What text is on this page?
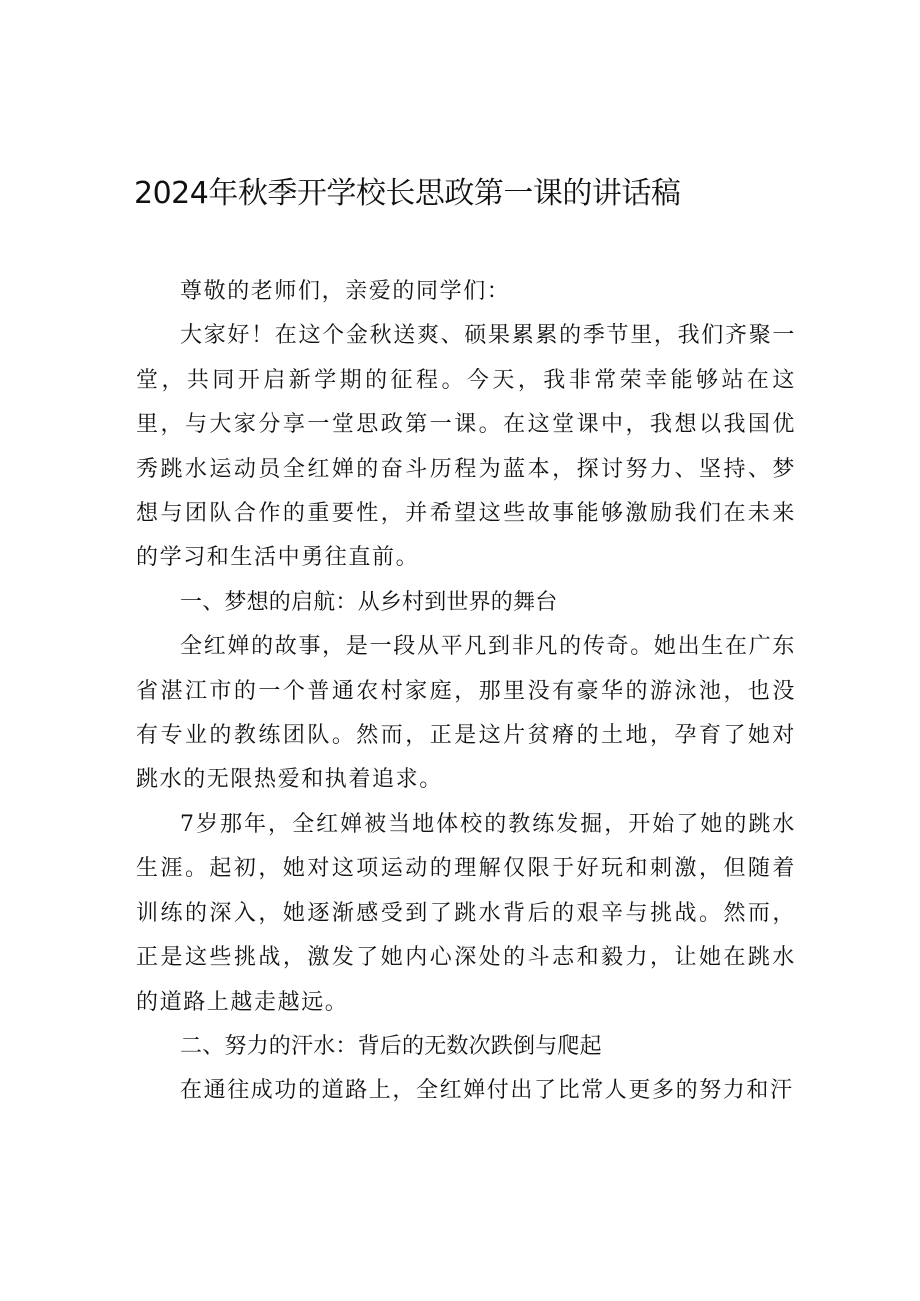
2024年秋季开学校长思政第一课的讲话稿

尊敬的老师们，亲爱的同学们：

大家好！在这个金秋送爽、硕果累累的季节里，我们齐聚一堂，共同开启新学期的征程。今天，我非常荣幸能够站在这里，与大家分享一堂思政第一课。在这堂课中，我想以我国优秀跳水运动员全红婵的奋斗历程为蓝本，探讨努力、坚持、梦想与团队合作的重要性，并希望这些故事能够激励我们在未来的学习和生活中勇往直前。

一、梦想的启航：从乡村到世界的舞台

全红婵的故事，是一段从平凡到非凡的传奇。她出生在广东省湛江市的一个普通农村家庭，那里没有豪华的游泳池，也没有专业的教练团队。然而，正是这片贫瘠的土地，孕育了她对跳水的无限热爱和执着追求。

7岁那年，全红婵被当地体校的教练发掘，开始了她的跳水生涯。起初，她对这项运动的理解仅限于好玩和刺激，但随着训练的深入，她逐渐感受到了跳水背后的艰辛与挑战。然而，正是这些挑战，激发了她内心深处的斗志和毅力，让她在跳水的道路上越走越远。

二、努力的汗水：背后的无数次跌倒与爬起

在通往成功的道路上，全红婵付出了比常人更多的努力和汗
